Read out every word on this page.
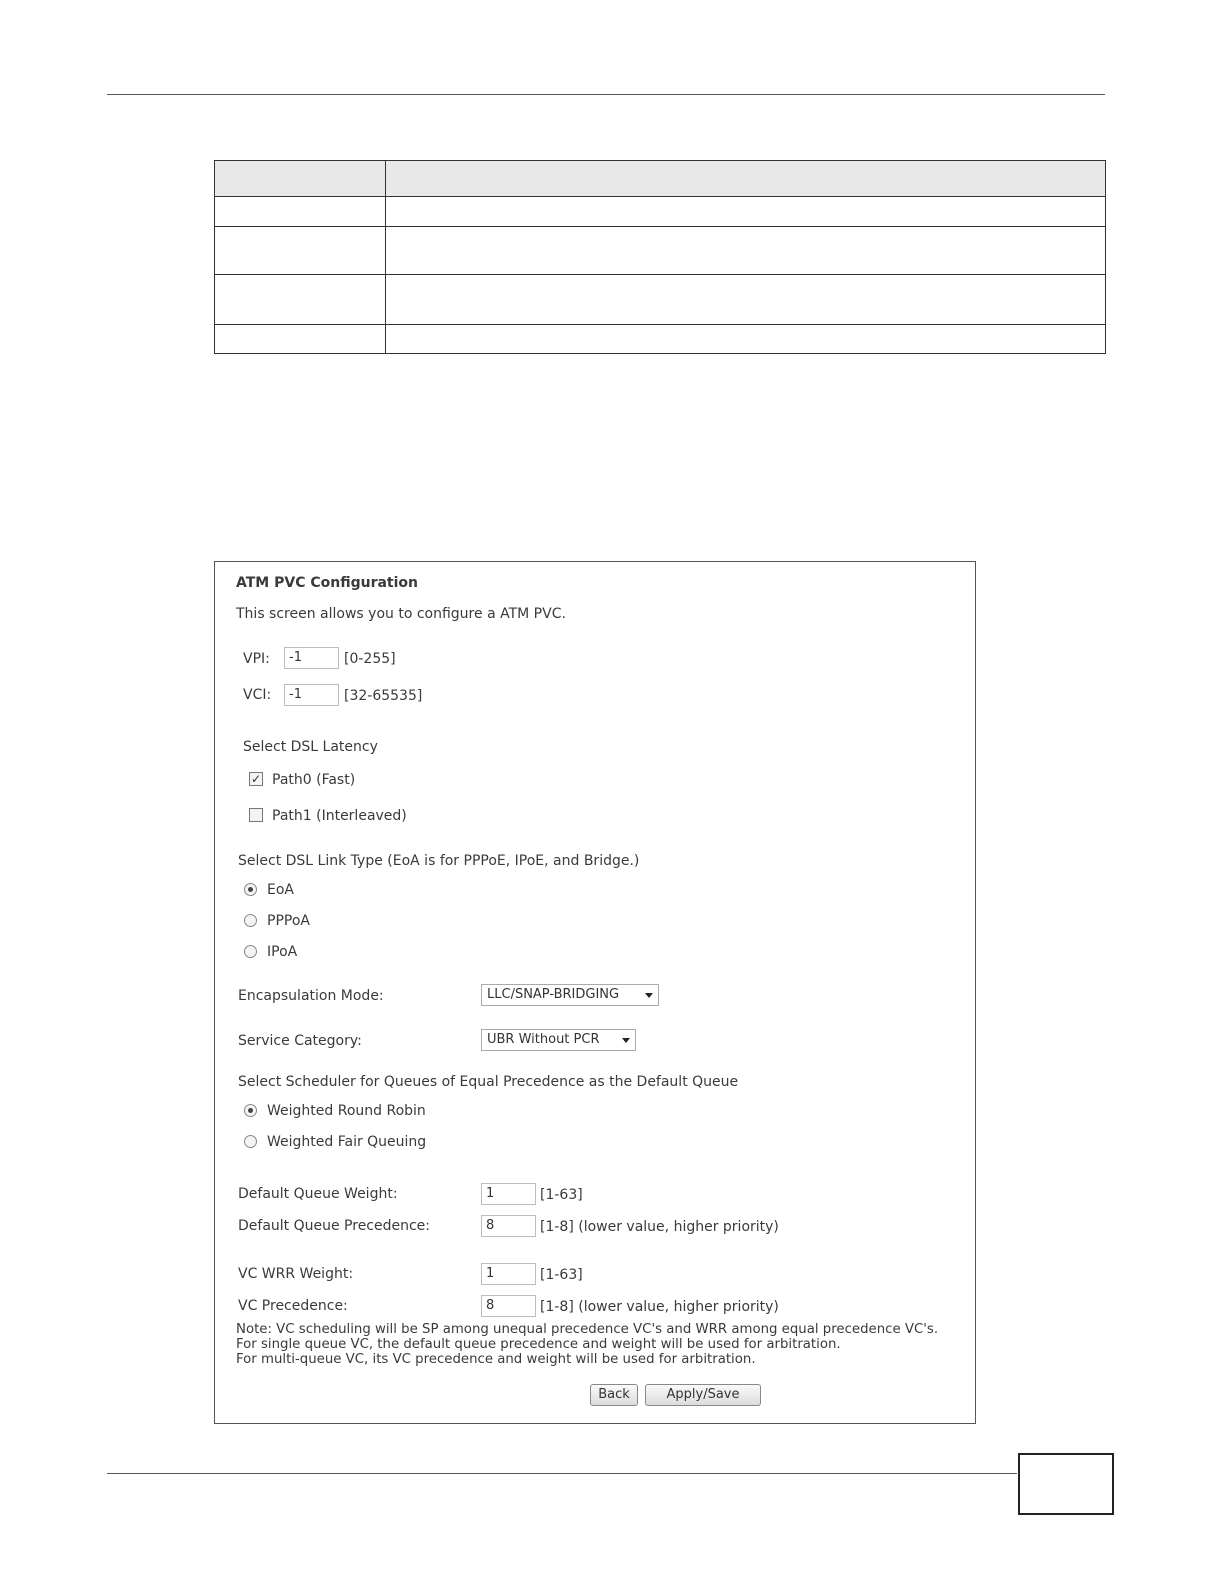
ATM PVC Configuration
This screen allows you to configure a ATM PVC.
VPI:	-1	[0-255]
VCI:	-1	[32-65535]
Select DSL Latency
✓ Path0 (Fast)
Path1 (Interleaved)
Select DSL Link Type (EoA is for PPPoE, IPoE, and Bridge.)
EoA
PPPoA
IPoA
Encapsulation Mode:	LLC/SNAP-BRIDGING
Service Category:	UBR Without PCR
Select Scheduler for Queues of Equal Precedence as the Default Queue
Weighted Round Robin
Weighted Fair Queuing
Default Queue Weight:	1	[1-63]
Default Queue Precedence:	8	[1-8] (lower value, higher priority)
VC WRR Weight:	1	[1-63]
VC Precedence:	8	[1-8] (lower value, higher priority)
Note: VC scheduling will be SP among unequal precedence VC's and WRR among equal precedence VC's.
For single queue VC, the default queue precedence and weight will be used for arbitration.
For multi-queue VC, its VC precedence and weight will be used for arbitration.
Back	Apply/Save
